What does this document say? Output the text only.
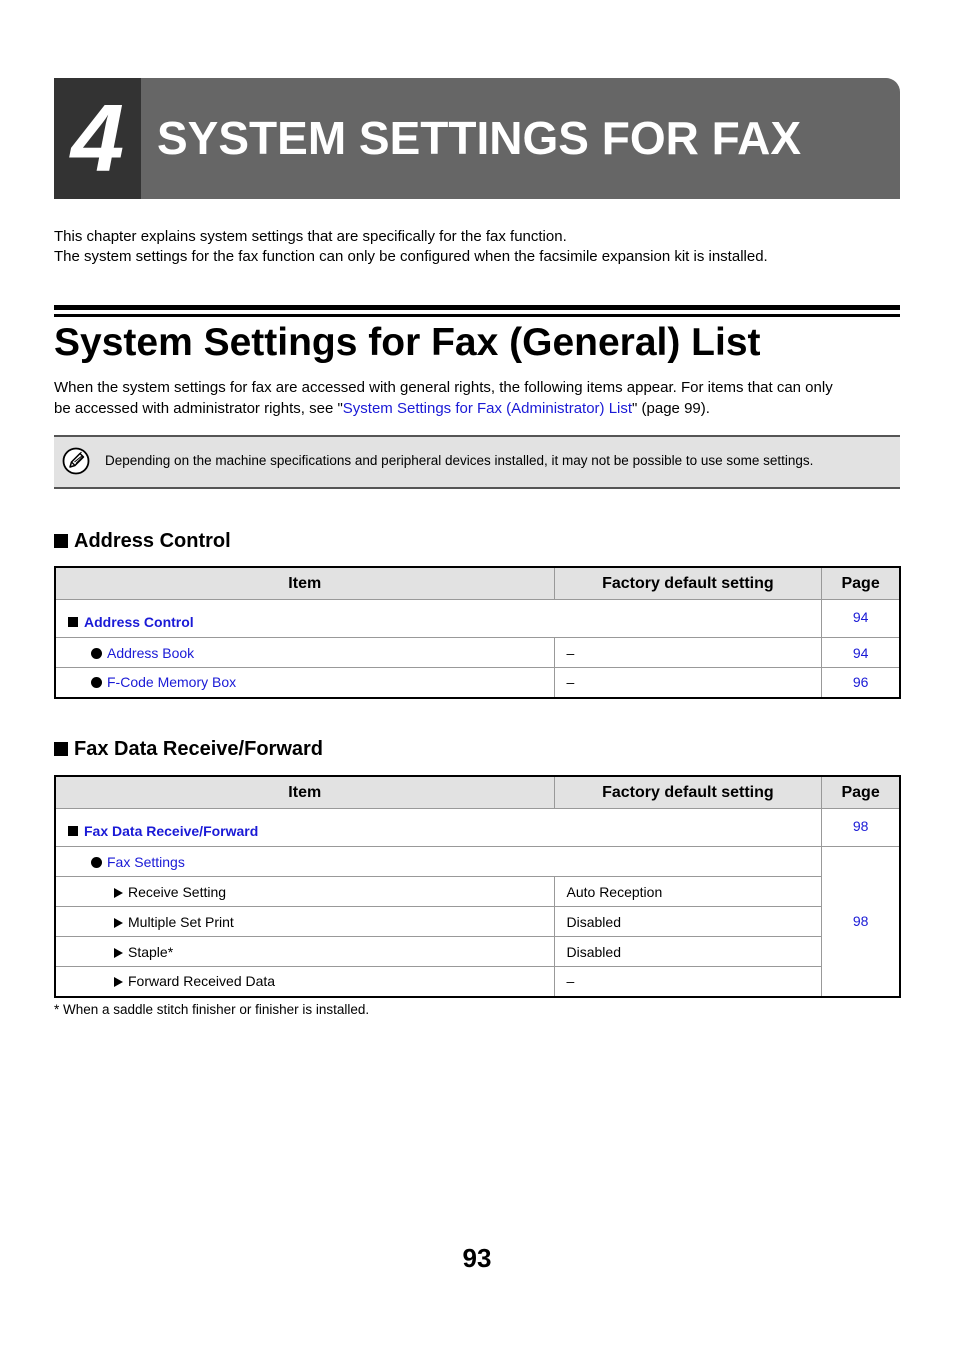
4 SYSTEM SETTINGS FOR FAX

This chapter explains system settings that are specifically for the fax function.

The system settings for the fax function can only be configured when the facsimile expansion kit is installed.

System Settings for Fax (General) List

When the system settings for fax are accessed with general rights, the following items appear. For items that can only

be accessed with administrator rights, see "System Settings for Fax (Administrator) List" (page 99).

Depending on the machine specifications and peripheral devices installed, it may not be possible to use some settings.
Address Control
Item	Factory default setting	Page
Address Control		94
Address Book	–	94
F-Code Memory Box	–	96
Fax Data Receive/Forward
Item	Factory default setting	Page
Fax Data Receive/Forward		98
Fax Settings		98
Receive Setting	Auto Reception	
Multiple Set Print	Disabled	
Staple*	Disabled	
Forward Received Data	–	
* When a saddle stitch finisher or finisher is installed.
93
